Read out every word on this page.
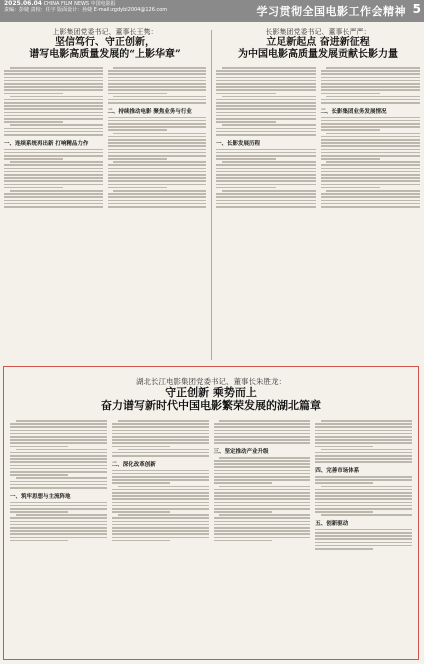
2025.06.04 CHINA FILM NEWS 中国电影报
责编：彭婕 责校：任宇 版面设计：孙婕 E-mail:zgdybl2004@126.com	学习贯彻全国电影工作会精神 5
上影集团党委书记、董事长王隽：
坚信笃行、守正创新，
谱写电影高质量发展的“上影华章”
一、连续系统再出新 打响精品力作
二、持续推动电影 聚焦业务与行业
长影集团党委书记、董事长严严：
立足新起点 奋进新征程
为中国电影高质量发展贡献长影力量
一、长影发展历程
二、长影集团业务发展情况
湖北长江电影集团党委书记、董事长朱胜龙：
守正创新 乘势而上
奋力谱写新时代中国电影繁荣发展的湖北篇章
一、筑牢思想与主流阵地
二、深化改革创新
三、坚定推动产业升级
四、完善市场体系
五、创新驱动
